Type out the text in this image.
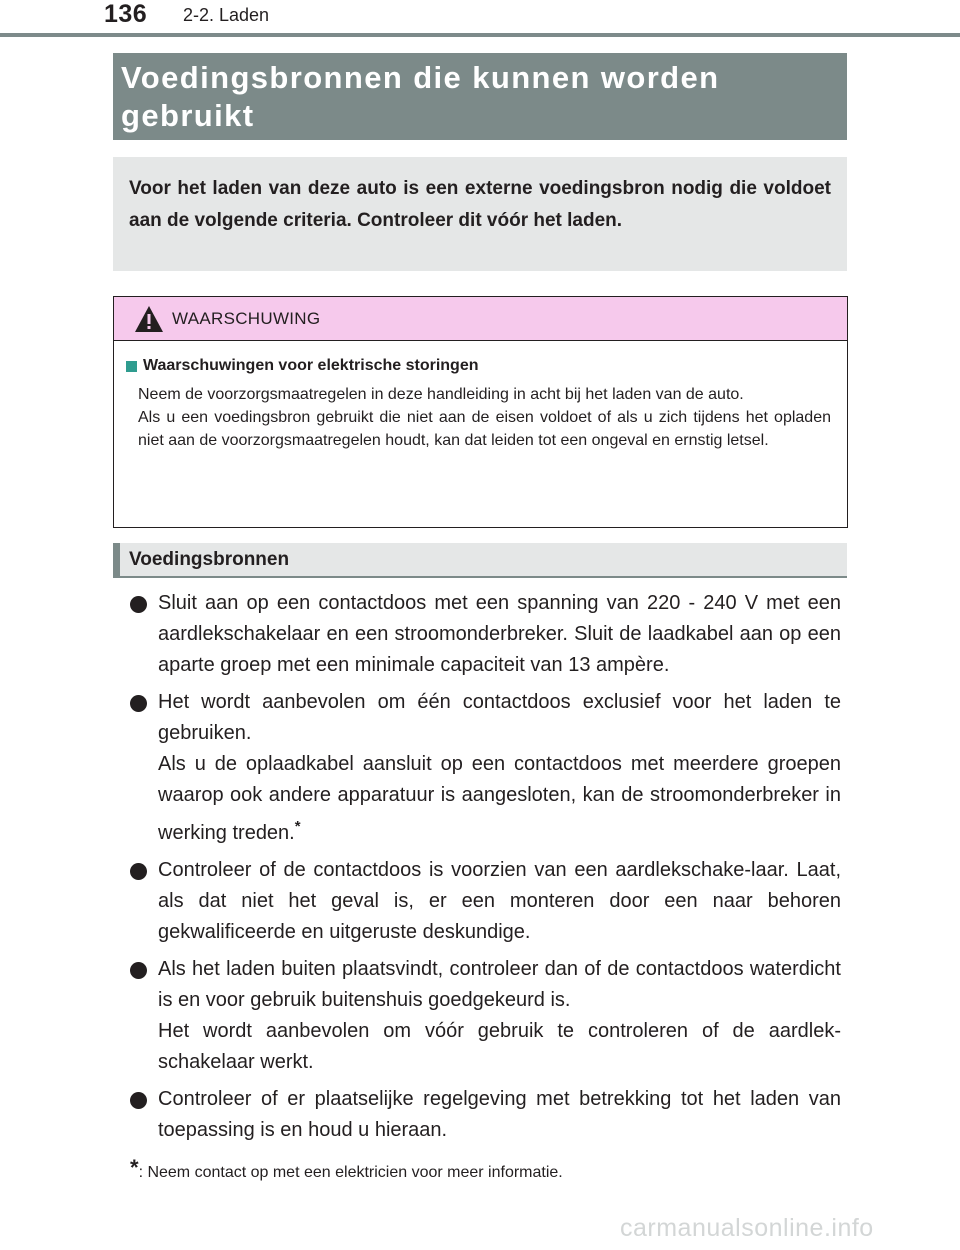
136 2-2. Laden
Voedingsbronnen die kunnen worden gebruikt

Voor het laden van deze auto is een externe voedingsbron nodig die voldoet aan de volgende criteria. Controleer dit vóór het laden.

WAARSCHUWING
Waarschuwingen voor elektrische storingen

Neem de voorzorgsmaatregelen in deze handleiding in acht bij het laden van de auto.

Als u een voedingsbron gebruikt die niet aan de eisen voldoet of als u zich tijdens het opladen niet aan de voorzorgsmaatregelen houdt, kan dat leiden tot een ongeval en ernstig letsel.

Voedingsbronnen

Sluit aan op een contactdoos met een spanning van 220 - 240 V met een aardlekschakelaar en een stroomonderbreker. Sluit de laadkabel aan op een aparte groep met een minimale capaciteit van 13 ampère.

Het wordt aanbevolen om één contactdoos exclusief voor het laden te gebruiken.

Als u de oplaadkabel aansluit op een contactdoos met meerdere groepen waarop ook andere apparatuur is aangesloten, kan de stroomonderbreker in werking treden.*

Controleer of de contactdoos is voorzien van een aardlekschake-laar. Laat, als dat niet het geval is, er een monteren door een naar behoren gekwalificeerde en uitgeruste deskundige.

Als het laden buiten plaatsvindt, controleer dan of de contactdoos waterdicht is en voor gebruik buitenshuis goedgekeurd is.

Het wordt aanbevolen om vóór gebruik te controleren of de aardlek-schakelaar werkt.

Controleer of er plaatselijke regelgeving met betrekking tot het laden van toepassing is en houd u hieraan.

*: Neem contact op met een elektricien voor meer informatie.
carmanualsonline.info
